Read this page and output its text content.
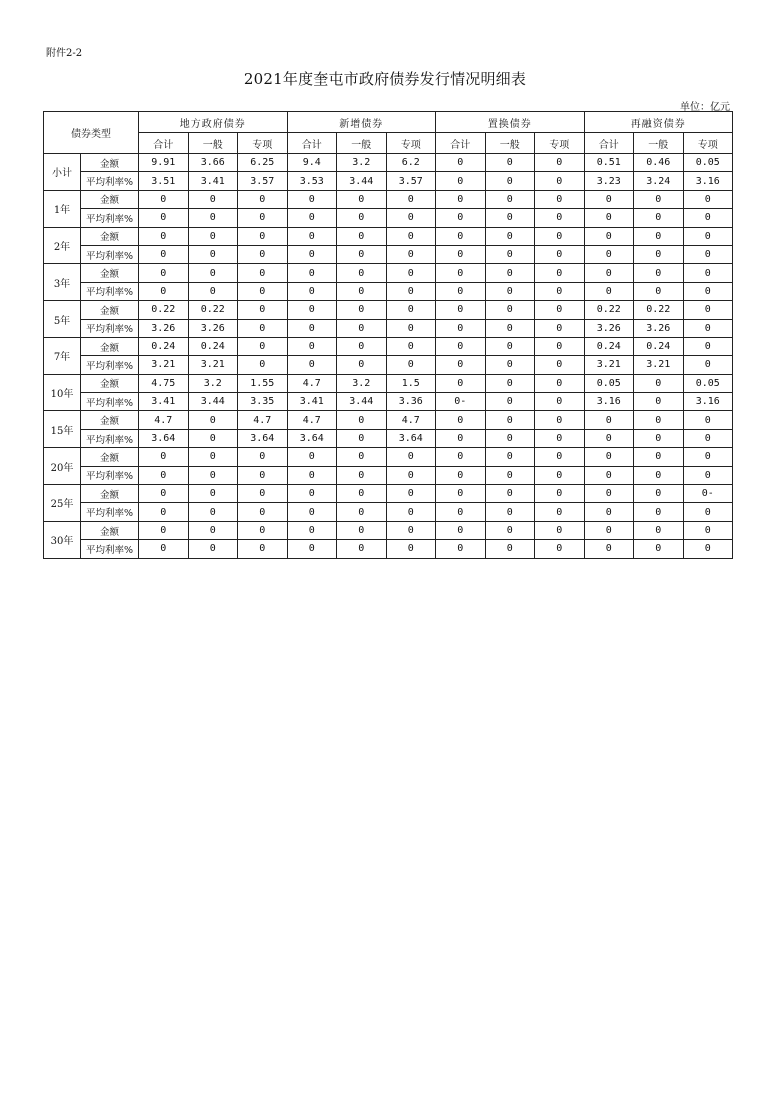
附件2-2
2021年度奎屯市政府债券发行情况明细表
单位：亿元
债券类型		地方政府债券			新增债券			置换债券			再融资债券		
		合计	一般	专项	合计	一般	专项	合计	一般	专项	合计	一般	专项
小计	金额	9.91	3.66	6.25	9.4	3.2	6.2	0	0	0	0.51	0.46	0.05
	平均利率%	3.51	3.41	3.57	3.53	3.44	3.57	0	0	0	3.23	3.24	3.16
1年	金额	0	0	0	0	0	0	0	0	0	0	0	0
	平均利率%	0	0	0	0	0	0	0	0	0	0	0	0
2年	金额	0	0	0	0	0	0	0	0	0	0	0	0
	平均利率%	0	0	0	0	0	0	0	0	0	0	0	0
3年	金额	0	0	0	0	0	0	0	0	0	0	0	0
	平均利率%	0	0	0	0	0	0	0	0	0	0	0	0
5年	金额	0.22	0.22	0	0	0	0	0	0	0	0.22	0.22	0
	平均利率%	3.26	3.26	0	0	0	0	0	0	0	3.26	3.26	0
7年	金额	0.24	0.24	0	0	0	0	0	0	0	0.24	0.24	0
	平均利率%	3.21	3.21	0	0	0	0	0	0	0	3.21	3.21	0
10年	金额	4.75	3.2	1.55	4.7	3.2	1.5	0	0	0	0.05	0	0.05
	平均利率%	3.41	3.44	3.35	3.41	3.44	3.36	0-	0	0	3.16	0	3.16
15年	金额	4.7	0	4.7	4.7	0	4.7	0	0	0	0	0	0
	平均利率%	3.64	0	3.64	3.64	0	3.64	0	0	0	0	0	0
20年	金额	0	0	0	0	0	0	0	0	0	0	0	0
	平均利率%	0	0	0	0	0	0	0	0	0	0	0	0
25年	金额	0	0	0	0	0	0	0	0	0	0	0	0-
	平均利率%	0	0	0	0	0	0	0	0	0	0	0	0
30年	金额	0	0	0	0	0	0	0	0	0	0	0	0
	平均利率%	0	0	0	0	0	0	0	0	0	0	0	0
